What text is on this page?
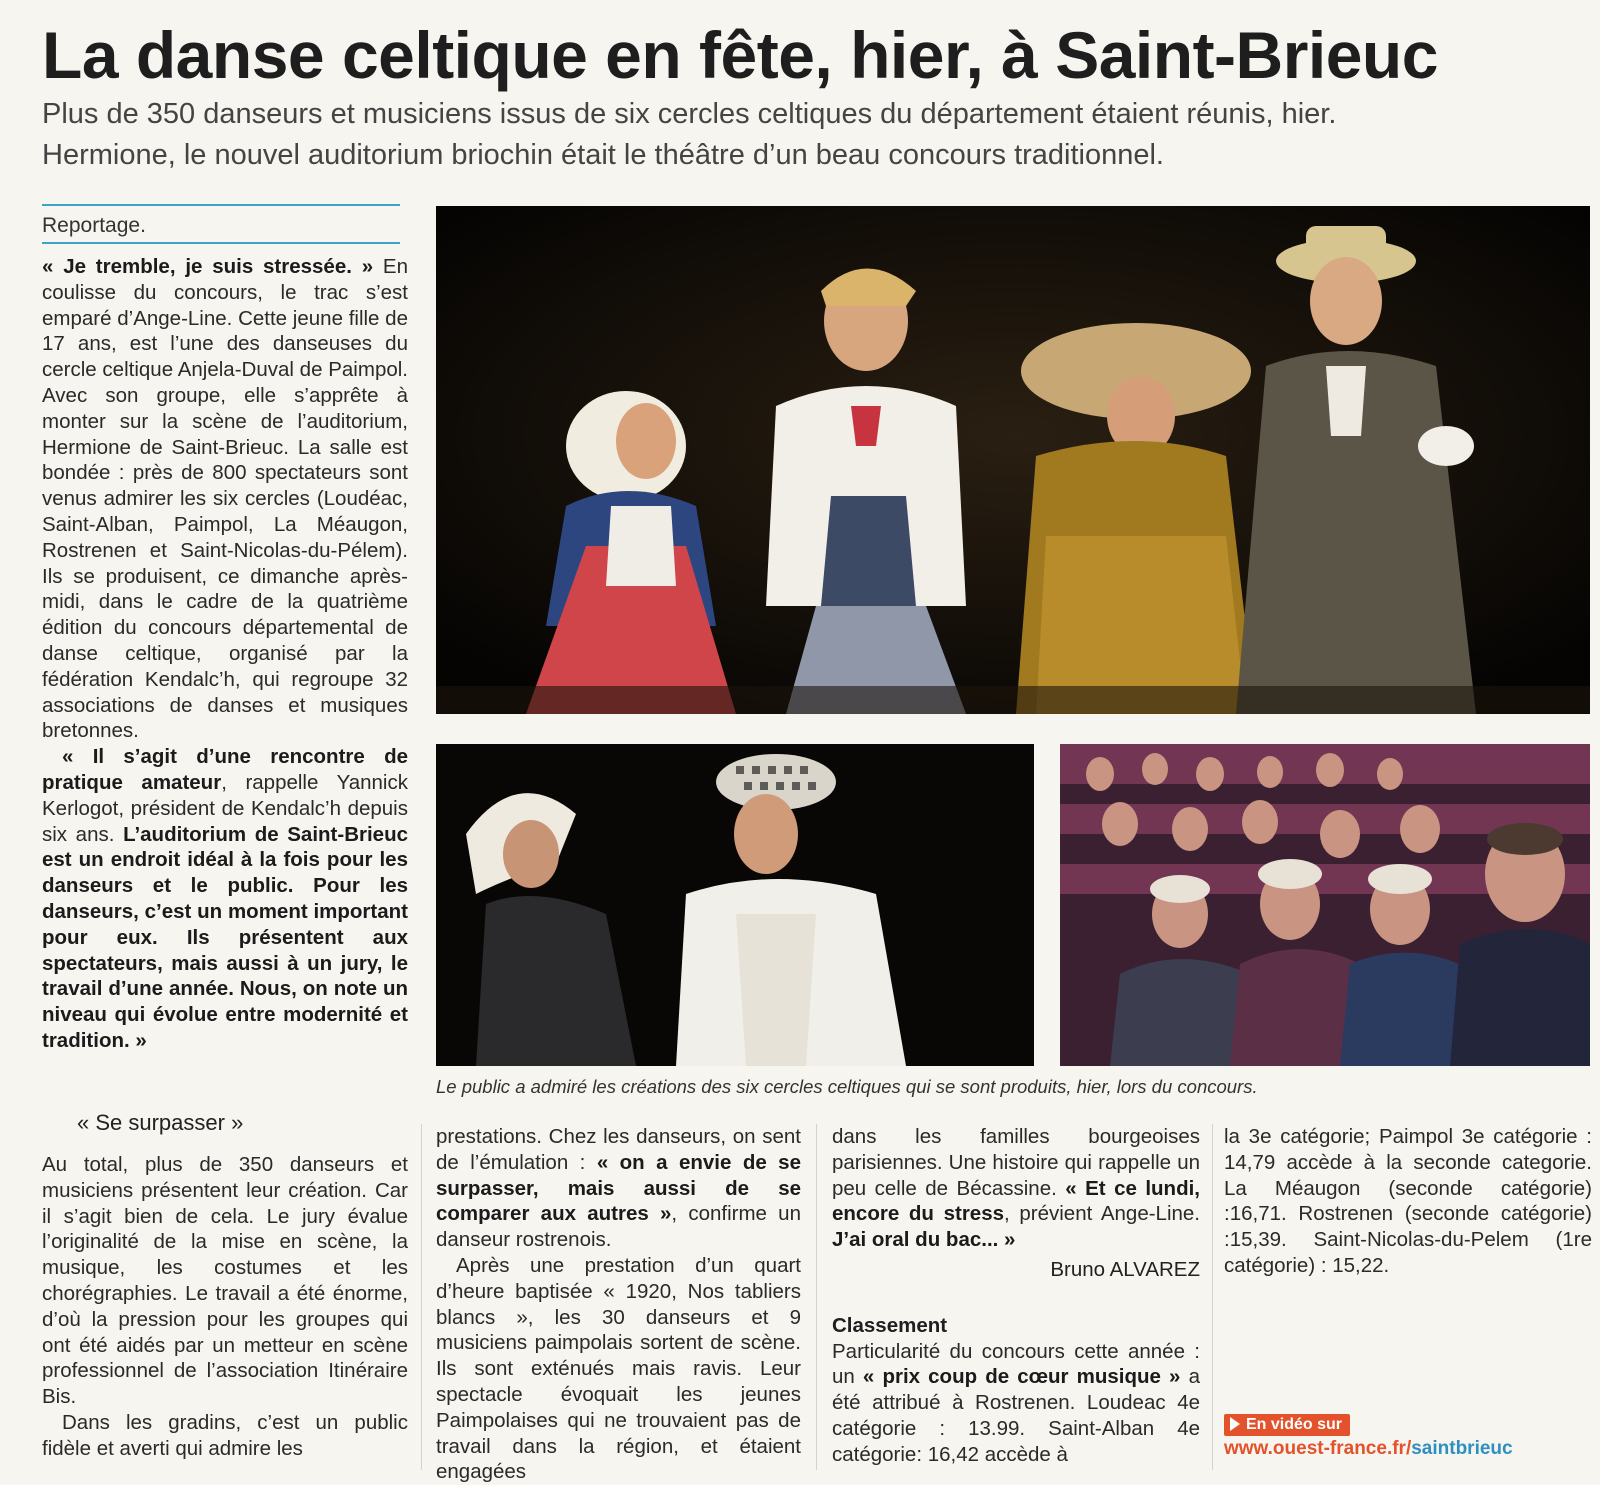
La danse celtique en fête, hier, à Saint-Brieuc
Plus de 350 danseurs et musiciens issus de six cercles celtiques du département étaient réunis, hier.
Hermione, le nouvel auditorium briochin était le théâtre d’un beau concours traditionnel.
Reportage.

« Je tremble, je suis stressée. » En coulisse du concours, le trac s’est emparé d’Ange-Line. Cette jeune fille de 17 ans, est l’une des danseuses du cercle celtique Anjela-Duval de Paimpol. Avec son groupe, elle s’apprête à monter sur la scène de l’auditorium, Hermione de Saint-Brieuc. La salle est bondée : près de 800 spectateurs sont venus admirer les six cercles (Loudéac, Saint-Alban, Paimpol, La Méaugon, Rostrenen et Saint-Nicolas-du-Pélem). Ils se produisent, ce dimanche après-midi, dans le cadre de la quatrième édition du concours départemental de danse celtique, organisé par la fédération Kendalc’h, qui regroupe 32 associations de danses et musiques bretonnes.

« Il s’agit d’une rencontre de pratique amateur, rappelle Yannick Kerlogot, président de Kendalc’h depuis six ans. L’auditorium de Saint-Brieuc est un endroit idéal à la fois pour les danseurs et le public. Pour les danseurs, c’est un moment important pour eux. Ils présentent aux spectateurs, mais aussi à un jury, le travail d’une année. Nous, on note un niveau qui évolue entre modernité et tradition. »

« Se surpasser »

Au total, plus de 350 danseurs et musiciens présentent leur création. Car il s’agit bien de cela. Le jury évalue l’originalité de la mise en scène, la musique, les costumes et les chorégraphies. Le travail a été énorme, d’où la pression pour les groupes qui ont été aidés par un metteur en scène professionnel de l’association Itinéraire Bis.

Dans les gradins, c’est un public fidèle et averti qui admire les

Le public a admiré les créations des six cercles celtiques qui se sont produits, hier, lors du concours.

prestations. Chez les danseurs, on sent de l’émulation : « on a envie de se surpasser, mais aussi de se comparer aux autres », confirme un danseur rostrenois.

Après une prestation d’un quart d’heure baptisée « 1920, Nos tabliers blancs », les 30 danseurs et 9 musiciens paimpolais sortent de scène. Ils sont exténués mais ravis. Leur spectacle évoquait les jeunes Paimpolaises qui ne trouvaient pas de travail dans la région, et étaient engagées

dans les familles bourgeoises parisiennes. Une histoire qui rappelle un peu celle de Bécassine. « Et ce lundi, encore du stress, prévient Ange-Line. J’ai oral du bac... »

Bruno ALVAREZ
Classement

Particularité du concours cette année : un « prix coup de cœur musique » a été attribué à Rostrenen. Loudeac 4e catégorie : 13.99. Saint-Alban 4e catégorie: 16,42 accède à

la 3e catégorie; Paimpol 3e catégorie : 14,79 accède à la seconde categorie. La Méaugon (seconde catégorie) :16,71. Rostrenen (seconde catégorie) :15,39. Saint-Nicolas-du-Pelem (1re catégorie) : 15,22.

En vidéo sur
www.ouest-france.fr/saintbrieuc
